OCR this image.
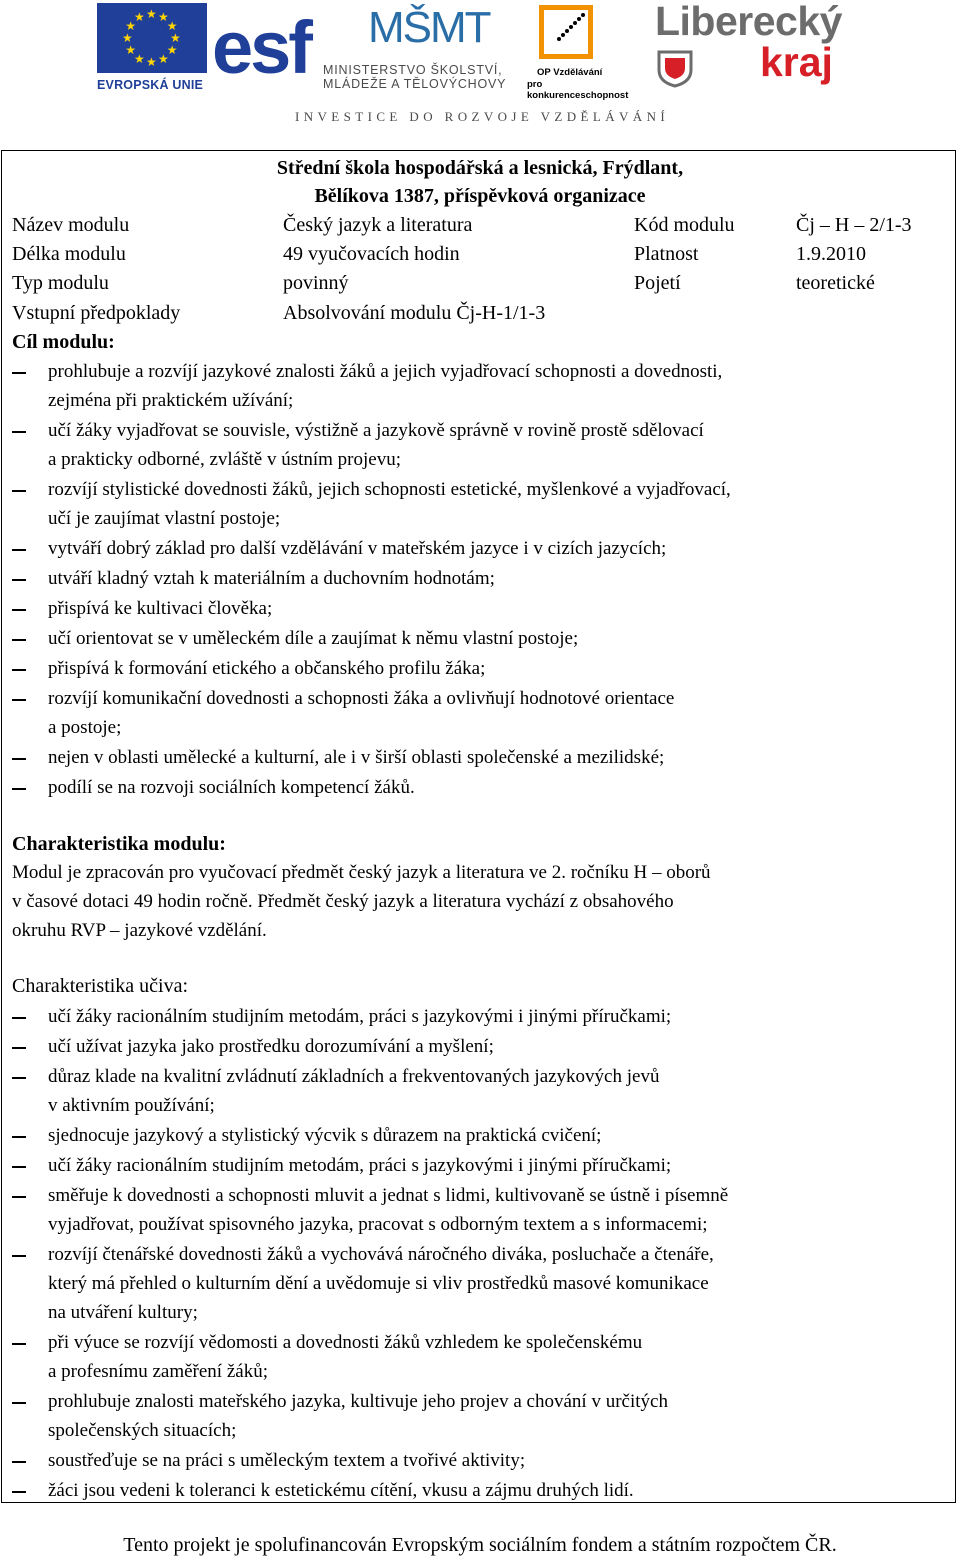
★
★
★
★
★
★
★
★
★ ★ ★
★
EVROPSKÁ UNIE esf MŠMT
MINISTERSTVO ŠKOLSTVÍ,
MLÁDEŽE A TĚLOVÝCHOVY
OP Vzdělávání
pro konkurenceschopnost
Liberecký
kraj
INVESTICE DO ROZVOJE VZDĚLÁVÁNÍ
Střední škola hospodářská a lesnická, Frýdlant,
Bělíkova 1387, příspěvková organizace
Název modulu	Český jazyk a literatura	Kód modulu	Čj – H – 2/1-3
Délka modulu	49 vyučovacích hodin	Platnost	1.9.2010
Typ modulu	povinný	Pojetí	teoretické
Vstupní předpoklady	Absolvování modulu Čj-H-1/1-3
Cíl modulu:
prohlubuje a rozvíjí jazykové znalosti žáků a jejich vyjadřovací schopnosti a dovednosti,
zejména při praktickém užívání;
učí žáky vyjadřovat se souvisle, výstižně a jazykově správně v rovině prostě sdělovací
a prakticky odborné, zvláště v ústním projevu;
rozvíjí stylistické dovednosti žáků, jejich schopnosti estetické, myšlenkové a vyjadřovací,
učí je zaujímat vlastní postoje;
vytváří dobrý základ pro další vzdělávání v mateřském jazyce i v cizích jazycích;
utváří kladný vztah k materiálním a duchovním hodnotám;
přispívá ke kultivaci člověka;
učí orientovat se v uměleckém díle a zaujímat k němu vlastní postoje;
přispívá k formování etického a občanského profilu žáka;
rozvíjí komunikační dovednosti a schopnosti žáka a ovlivňují hodnotové orientace
a postoje;
nejen v oblasti umělecké a kulturní, ale i v širší oblasti společenské a mezilidské;
podílí se na rozvoji sociálních kompetencí žáků.
Charakteristika modulu:
Modul je zpracován pro vyučovací předmět český jazyk a literatura ve 2. ročníku H – oborů
v časové dotaci 49 hodin ročně. Předmět český jazyk a literatura vychází z obsahového
okruhu RVP – jazykové vzdělání.
Charakteristika učiva:
učí žáky racionálním studijním metodám, práci s jazykovými i jinými příručkami;
učí užívat jazyka jako prostředku dorozumívání a myšlení;
důraz klade na kvalitní zvládnutí základních a frekventovaných jazykových jevů
v aktivním používání;
sjednocuje jazykový a stylistický výcvik s důrazem na praktická cvičení;
učí žáky racionálním studijním metodám, práci s jazykovými i jinými příručkami;
směřuje k dovednosti a schopnosti mluvit a jednat s lidmi, kultivovaně se ústně i písemně
vyjadřovat, používat spisovného jazyka, pracovat s odborným textem a s informacemi;
rozvíjí čtenářské dovednosti žáků a vychovává náročného diváka, posluchače a čtenáře,
který má přehled o kulturním dění a uvědomuje si vliv prostředků masové komunikace
na utváření kultury;
při výuce se rozvíjí vědomosti a dovednosti žáků vzhledem ke společenskému
a profesnímu zaměření žáků;
prohlubuje znalosti mateřského jazyka, kultivuje jeho projev a chování v určitých
společenských situacích;
soustřeďuje se na práci s uměleckým textem a tvořivé aktivity;
žáci jsou vedeni k toleranci k estetickému cítění, vkusu a zájmu druhých lidí.
Tento projekt je spolufinancován Evropským sociálním fondem a státním rozpočtem ČR.
